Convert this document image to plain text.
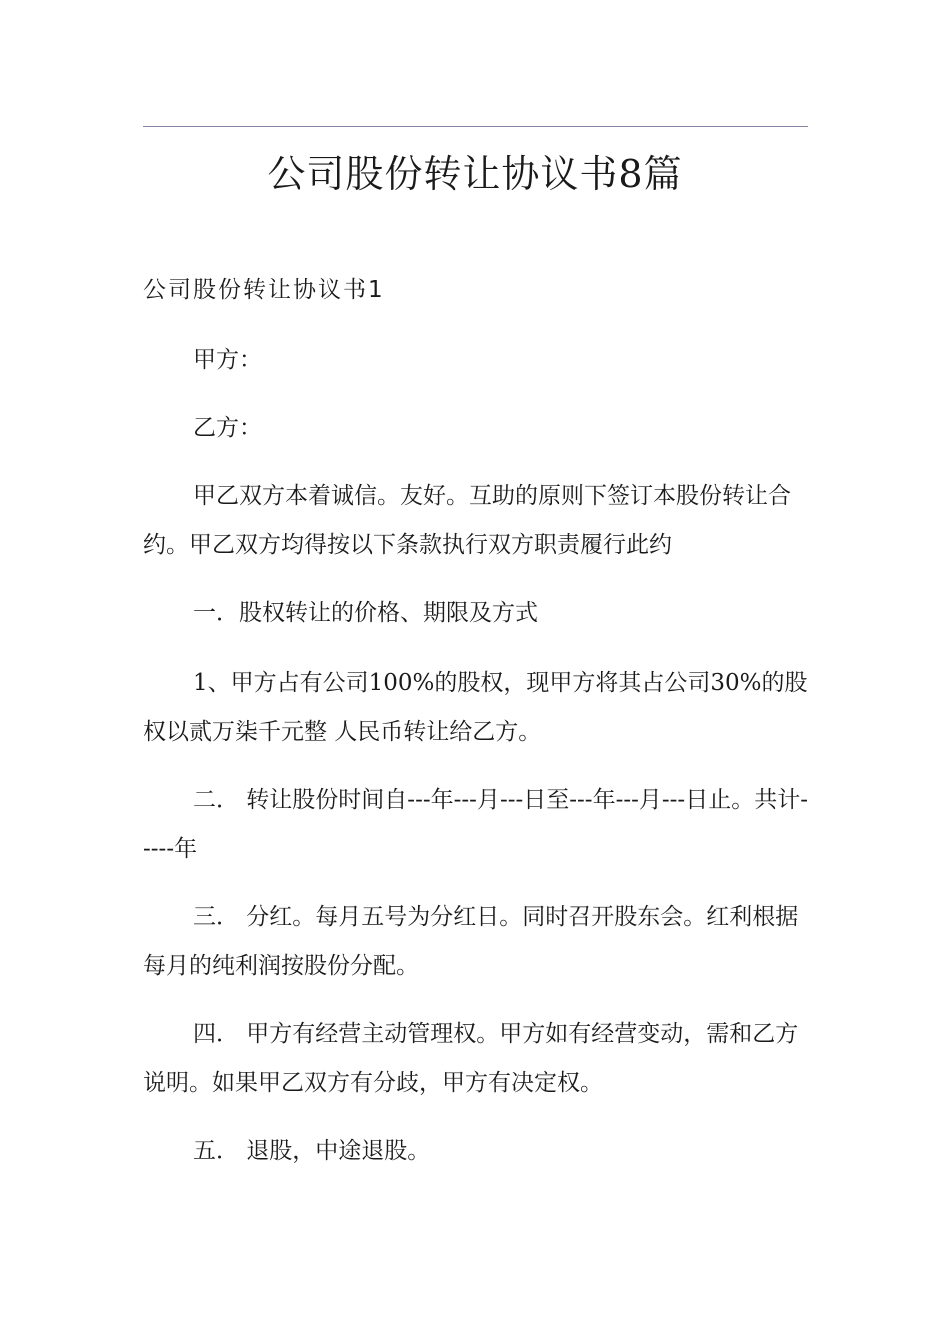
公司股份转让协议书8篇
公司股份转让协议书1
甲方：
乙方：
甲乙双方本着诚信。友好。互助的原则下签订本股份转让合约。甲乙双方均得按以下条款执行双方职责履行此约
一．股权转让的价格、期限及方式
1、甲方占有公司100%的股权，现甲方将其占公司30%的股权以贰万柒千元整 人民币转让给乙方。
二． 转让股份时间自---年---月---日至---年---月---日止。共计-----年
三． 分红。每月五号为分红日。同时召开股东会。红利根据每月的纯利润按股份分配。
四． 甲方有经营主动管理权。甲方如有经营变动，需和乙方说明。如果甲乙双方有分歧，甲方有决定权。
五． 退股，中途退股。
